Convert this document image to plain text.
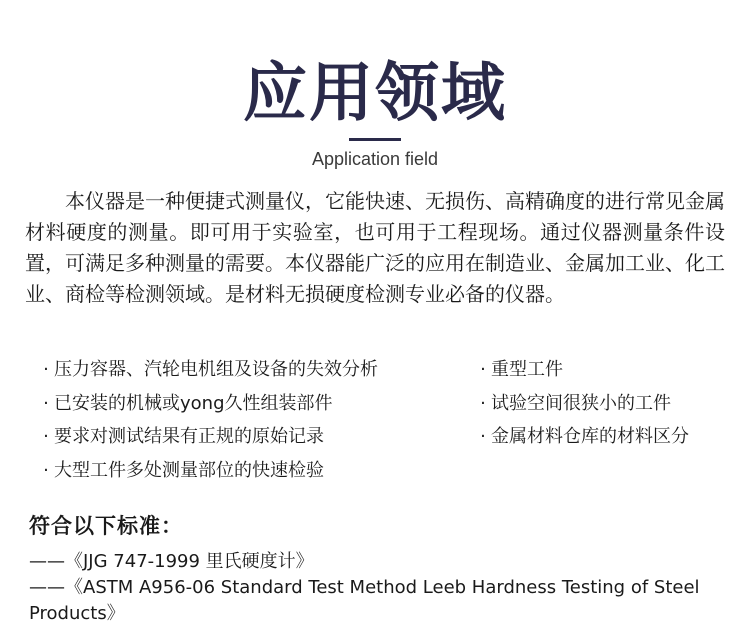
应用领域
Application field

本仪器是一种便捷式测量仪，它能快速、无损伤、高精确度的进行常见金属材料硬度的测量。即可用于实验室，也可用于工程现场。通过仪器测量条件设置，可满足多种测量的需要。本仪器能广泛的应用在制造业、金属加工业、化工业、商检等检测领域。是材料无损硬度检测专业必备的仪器。

· 压力容器、汽轮电机组及设备的失效分析
· 已安装的机械或yong久性组装部件
· 要求对测试结果有正规的原始记录
· 大型工件多处测量部位的快速检验
· 重型工件
· 试验空间很狭小的工件
· 金属材料仓库的材料区分
符合以下标准：
——《JJG 747-1999 里氏硬度计》
——《ASTM A956-06 Standard Test Method Leeb Hardness Testing of Steel Products》
